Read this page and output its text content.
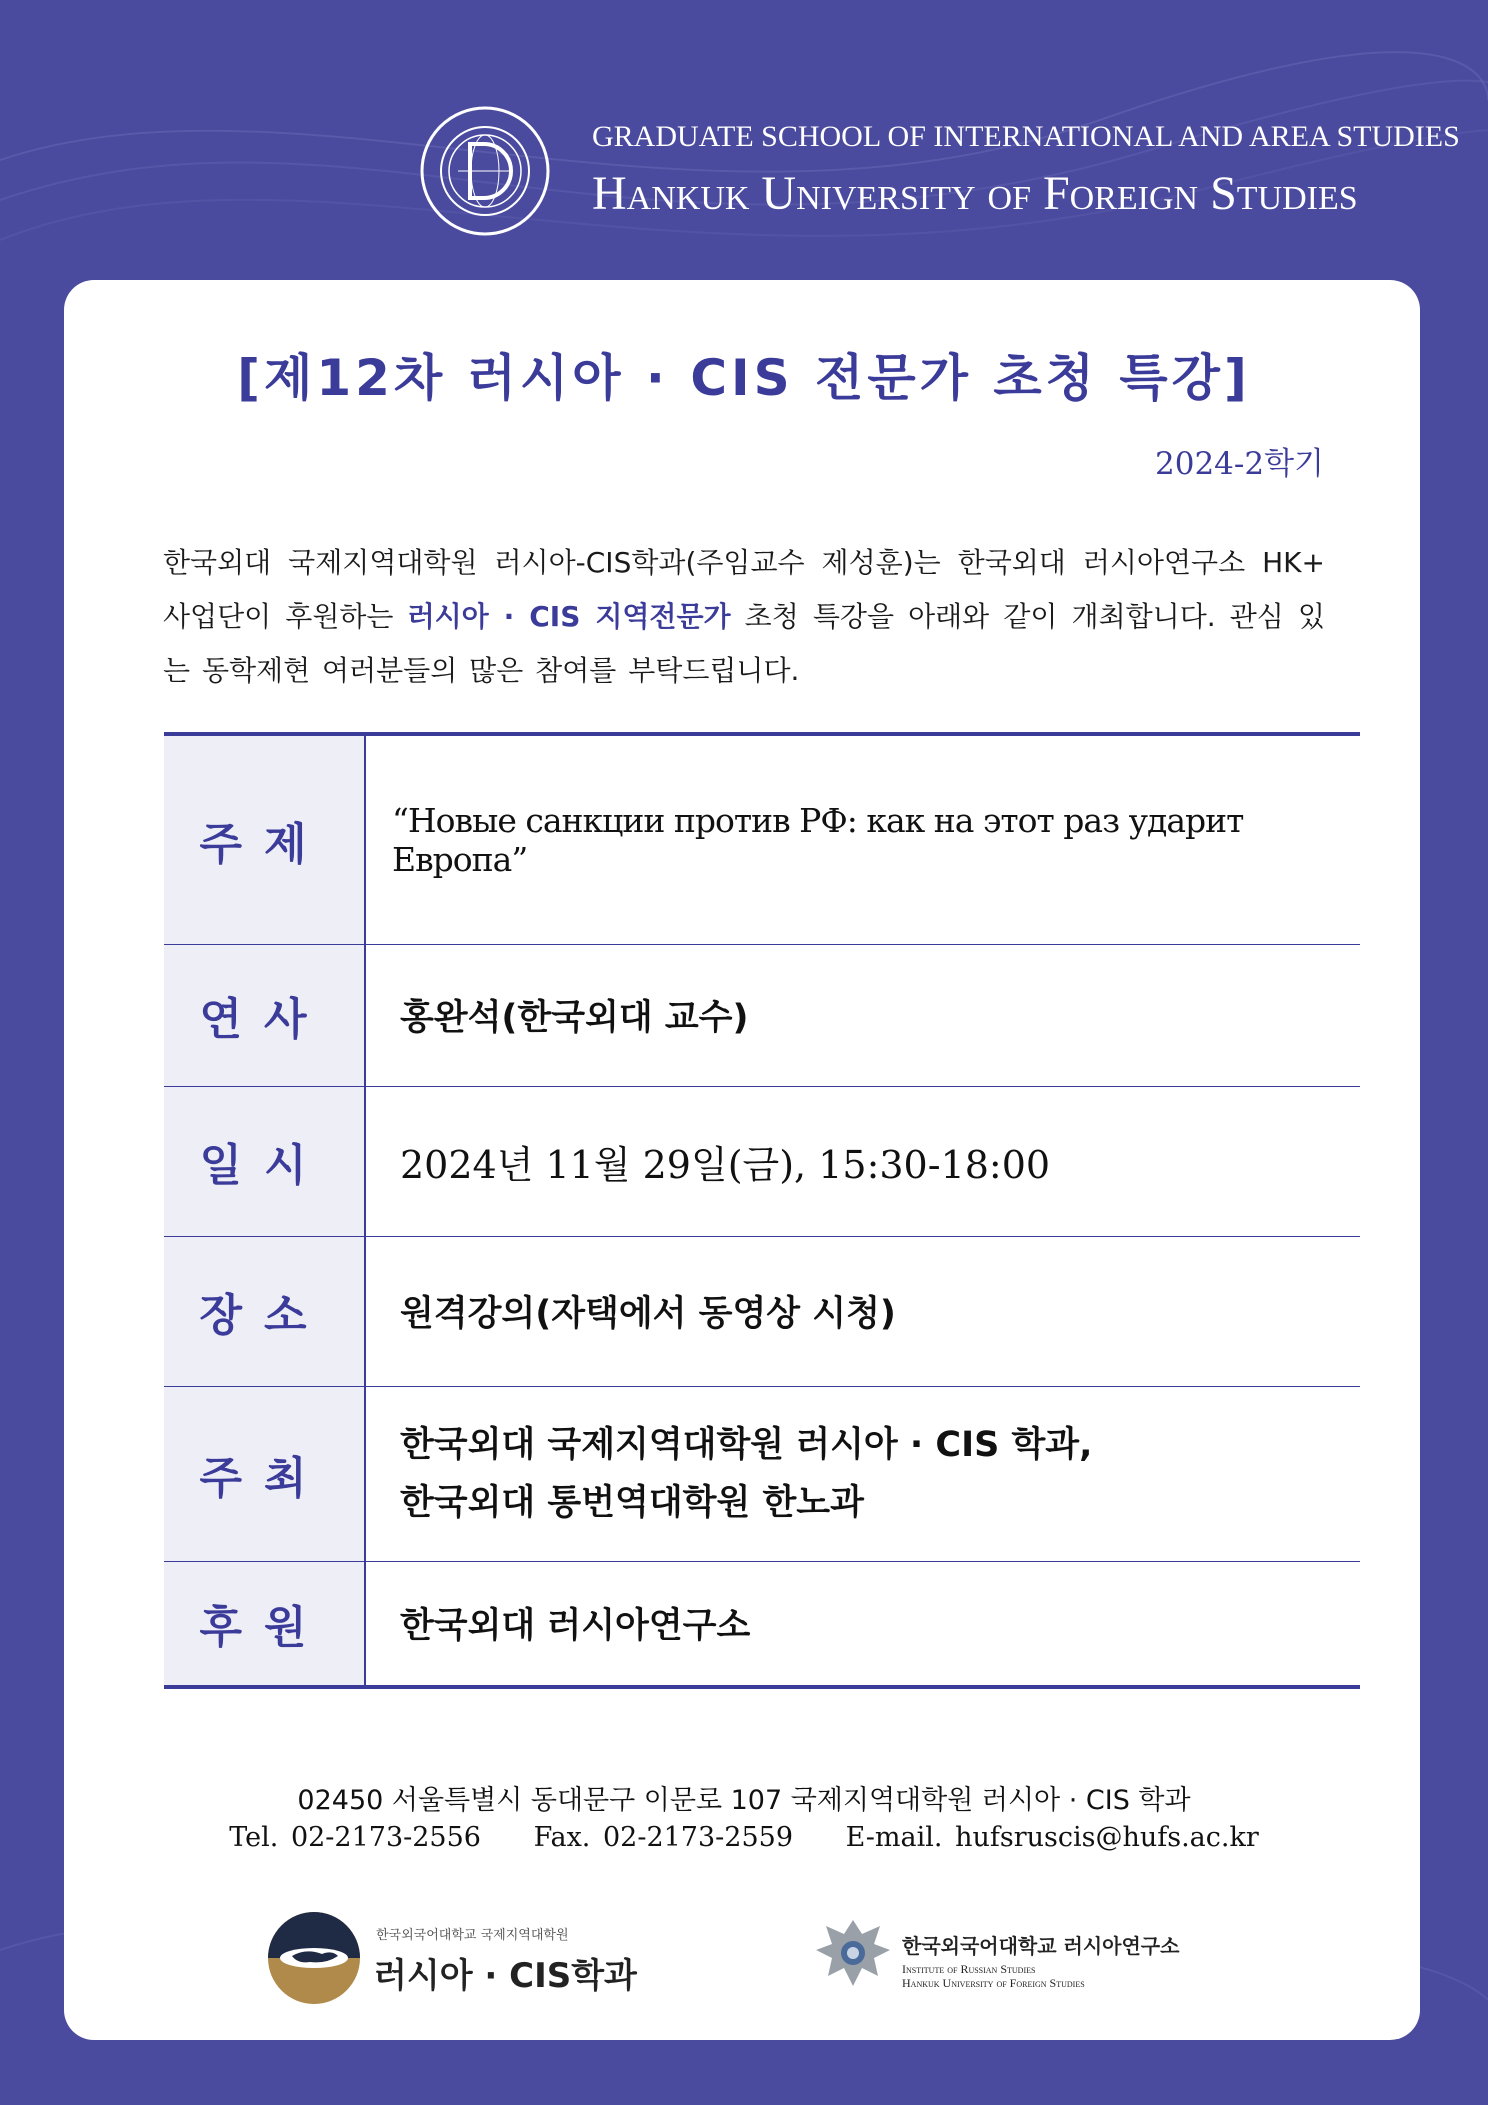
GRADUATE SCHOOL OF INTERNATIONAL AND AREA STUDIES
Hankuk University of Foreign Studies
[제12차 러시아 · CIS 전문가 초청 특강]
2024-2학기
한국외대 국제지역대학원 러시아-CIS학과(주임교수 제성훈)는 한국외대 러시아연구소 HK+ 사업단이 후원하는 러시아 · CIS 지역전문가 초청 특강을 아래와 같이 개최합니다. 관심 있는 동학제현 여러분들의 많은 참여를 부탁드립니다.
주제	“Новые санкции против РФ: как на этот раз ударит Европа”
연사	홍완석(한국외대 교수)
일시	2024년 11월 29일(금), 15:30-18:00
장소	원격강의(자택에서 동영상 시청)
주최	한국외대 국제지역대학원 러시아 · CIS 학과,
한국외대 통번역대학원 한노과

후원	한국외대 러시아연구소
02450 서울특별시 동대문구 이문로 107 국제지역대학원 러시아 · CIS 학과
Tel. 02-2173-2556 Fax. 02-2173-2559 E-mail. hufsruscis@hufs.ac.kr
한국외국어대학교 국제지역대학원
러시아 · CIS학과
한국외국어대학교 러시아연구소
Institute of Russian Studies
Hankuk University of Foreign Studies
